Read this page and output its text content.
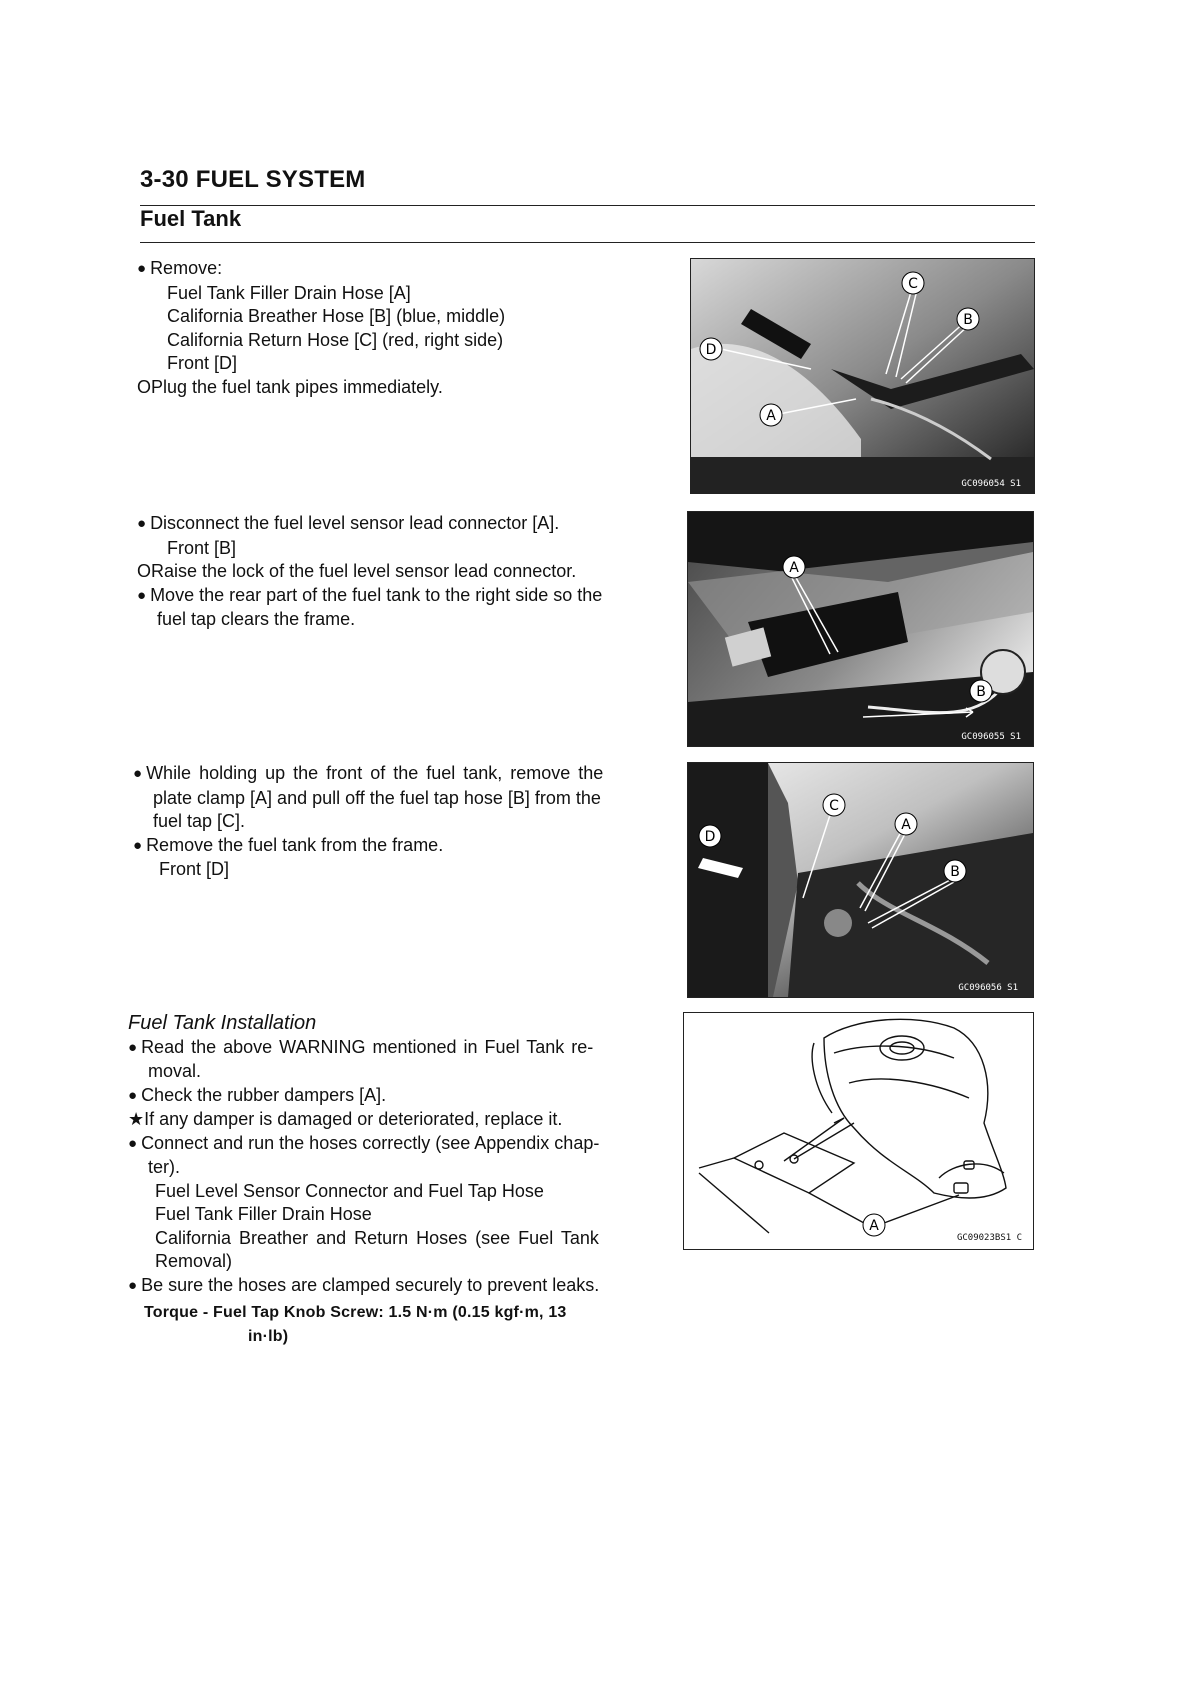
3-30 FUEL SYSTEM
Fuel Tank
● Remove:
Fuel Tank Filler Drain Hose [A]
California Breather Hose [B] (blue, middle)
California Return Hose [C] (red, right side)
Front [D]
OPlug the fuel tank pipes immediately.
● Disconnect the fuel level sensor lead connector [A].
Front [B]
ORaise the lock of the fuel level sensor lead connector.
● Move the rear part of the fuel tank to the right side so the
fuel tap clears the frame.
● While holding up the front of the fuel tank, remove the
plate clamp [A] and pull off the fuel tap hose [B] from the
fuel tap [C].
● Remove the fuel tank from the frame.
Front [D]
Fuel Tank Installation
● Read the above WARNING mentioned in Fuel Tank re-
moval.
● Check the rubber dampers [A].
★If any damper is damaged or deteriorated, replace it.
● Connect and run the hoses correctly (see Appendix chap-
ter).
Fuel Level Sensor Connector and Fuel Tap Hose
Fuel Tank Filler Drain Hose
California Breather and Return Hoses (see Fuel Tank
Removal)
● Be sure the hoses are clamped securely to prevent leaks.
Torque - Fuel Tap Knob Screw: 1.5 N·m (0.15 kgf·m, 13
in·lb)
C
B
D
A
GC096054 S1
A
B
GC096055 S1
C
A
D
B
GC096056 S1
A
GC09023BS1 C
